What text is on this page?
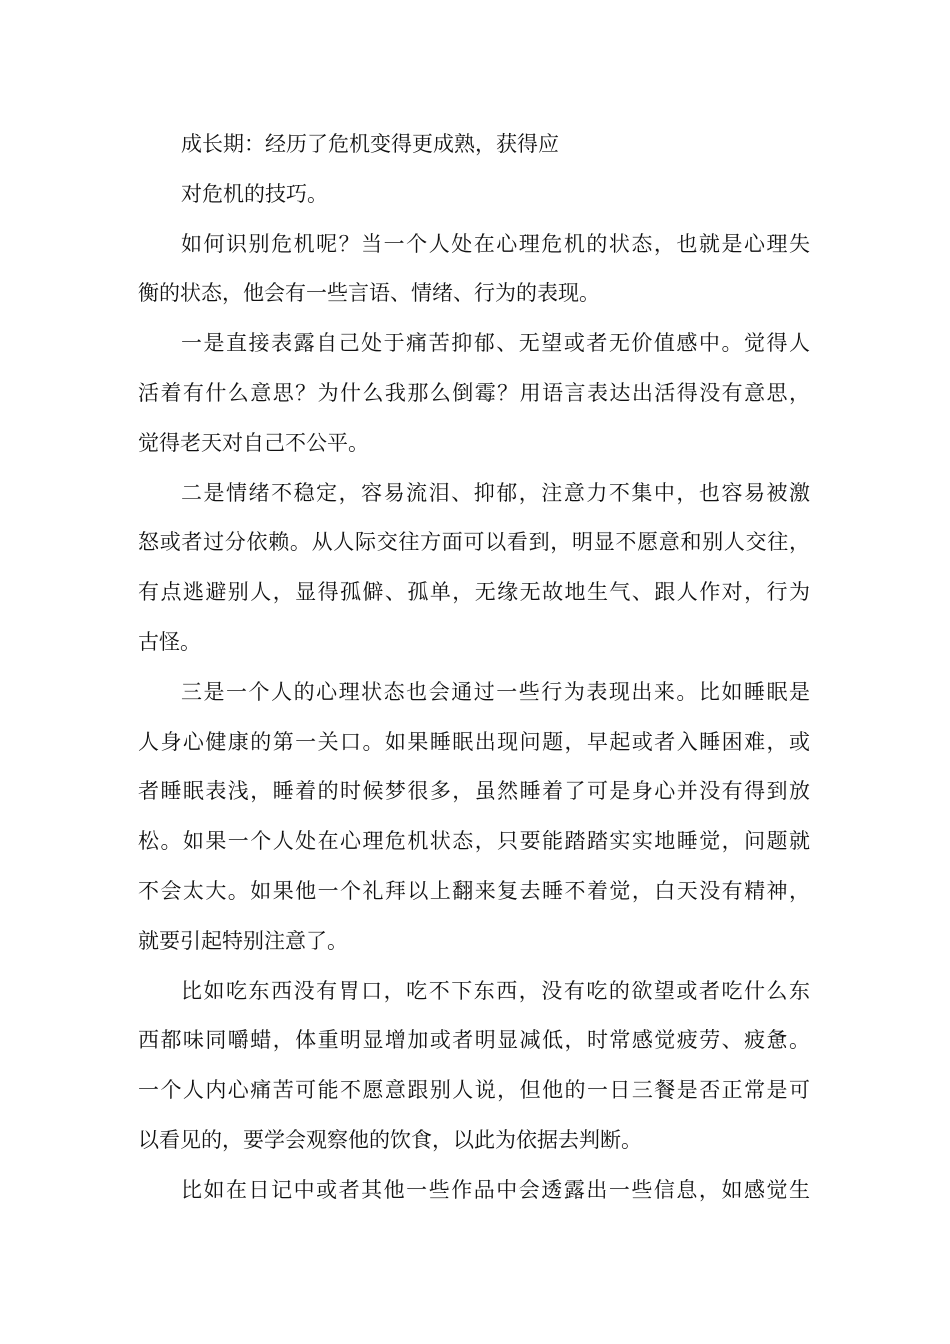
成长期：经历了危机变得更成熟，获得应
对危机的技巧。
如何识别危机呢？当一个人处在心理危机的状态，也就是心理失
衡的状态，他会有一些言语、情绪、行为的表现。
一是直接表露自己处于痛苦抑郁、无望或者无价值感中。觉得人
活着有什么意思？为什么我那么倒霉？用语言表达出活得没有意思，
觉得老天对自己不公平。
二是情绪不稳定，容易流泪、抑郁，注意力不集中，也容易被激
怒或者过分依赖。从人际交往方面可以看到，明显不愿意和别人交往，
有点逃避别人，显得孤僻、孤单，无缘无故地生气、跟人作对，行为
古怪。
三是一个人的心理状态也会通过一些行为表现出来。比如睡眠是
人身心健康的第一关口。如果睡眠出现问题，早起或者入睡困难，或
者睡眠表浅，睡着的时候梦很多，虽然睡着了可是身心并没有得到放
松。如果一个人处在心理危机状态，只要能踏踏实实地睡觉，问题就
不会太大。如果他一个礼拜以上翻来复去睡不着觉，白天没有精神，
就要引起特别注意了。
比如吃东西没有胃口，吃不下东西，没有吃的欲望或者吃什么东
西都味同嚼蜡，体重明显增加或者明显减低，时常感觉疲劳、疲惫。
一个人内心痛苦可能不愿意跟别人说，但他的一日三餐是否正常是可
以看见的，要学会观察他的饮食，以此为依据去判断。
比如在日记中或者其他一些作品中会透露出一些信息，如感觉生
